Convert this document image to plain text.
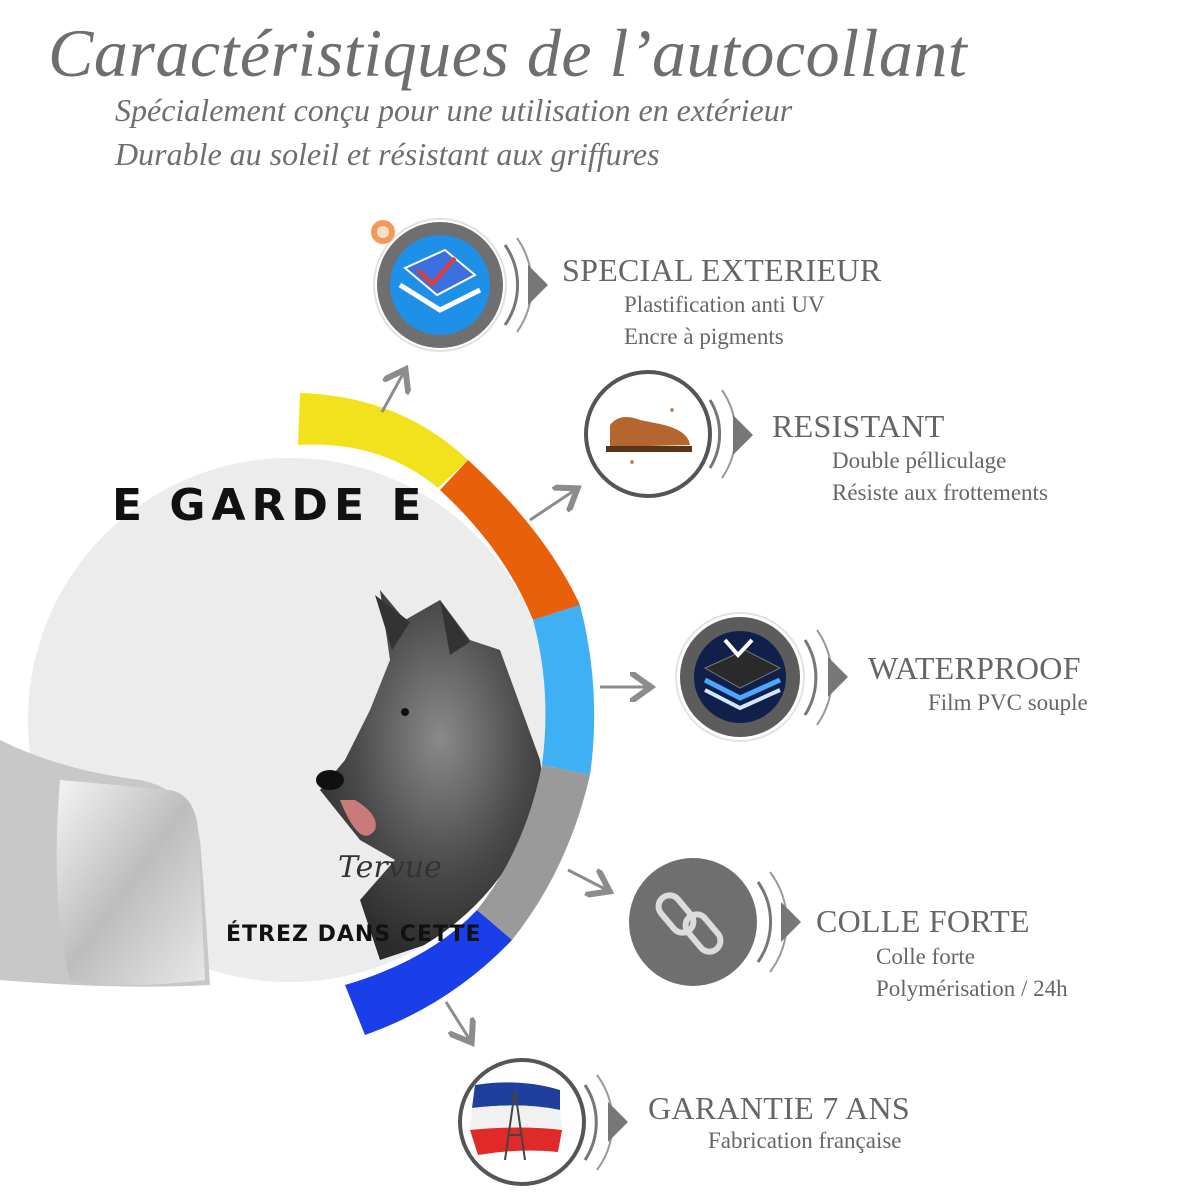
Caractéristiques de l’autocollant
Spécialement conçu pour une utilisation en extérieur
Durable au soleil et résistant aux griffures
E GARDE E
ÉTREZ DANS CETTE
Tervue
SPECIAL EXTERIEUR
Plastification anti UV
Encre à pigments
RESISTANT
Double pélliculage
Résiste aux frottements
WATERPROOF
Film PVC souple
COLLE FORTE
Colle forte
Polymérisation / 24h
GARANTIE 7 ANS
Fabrication française
